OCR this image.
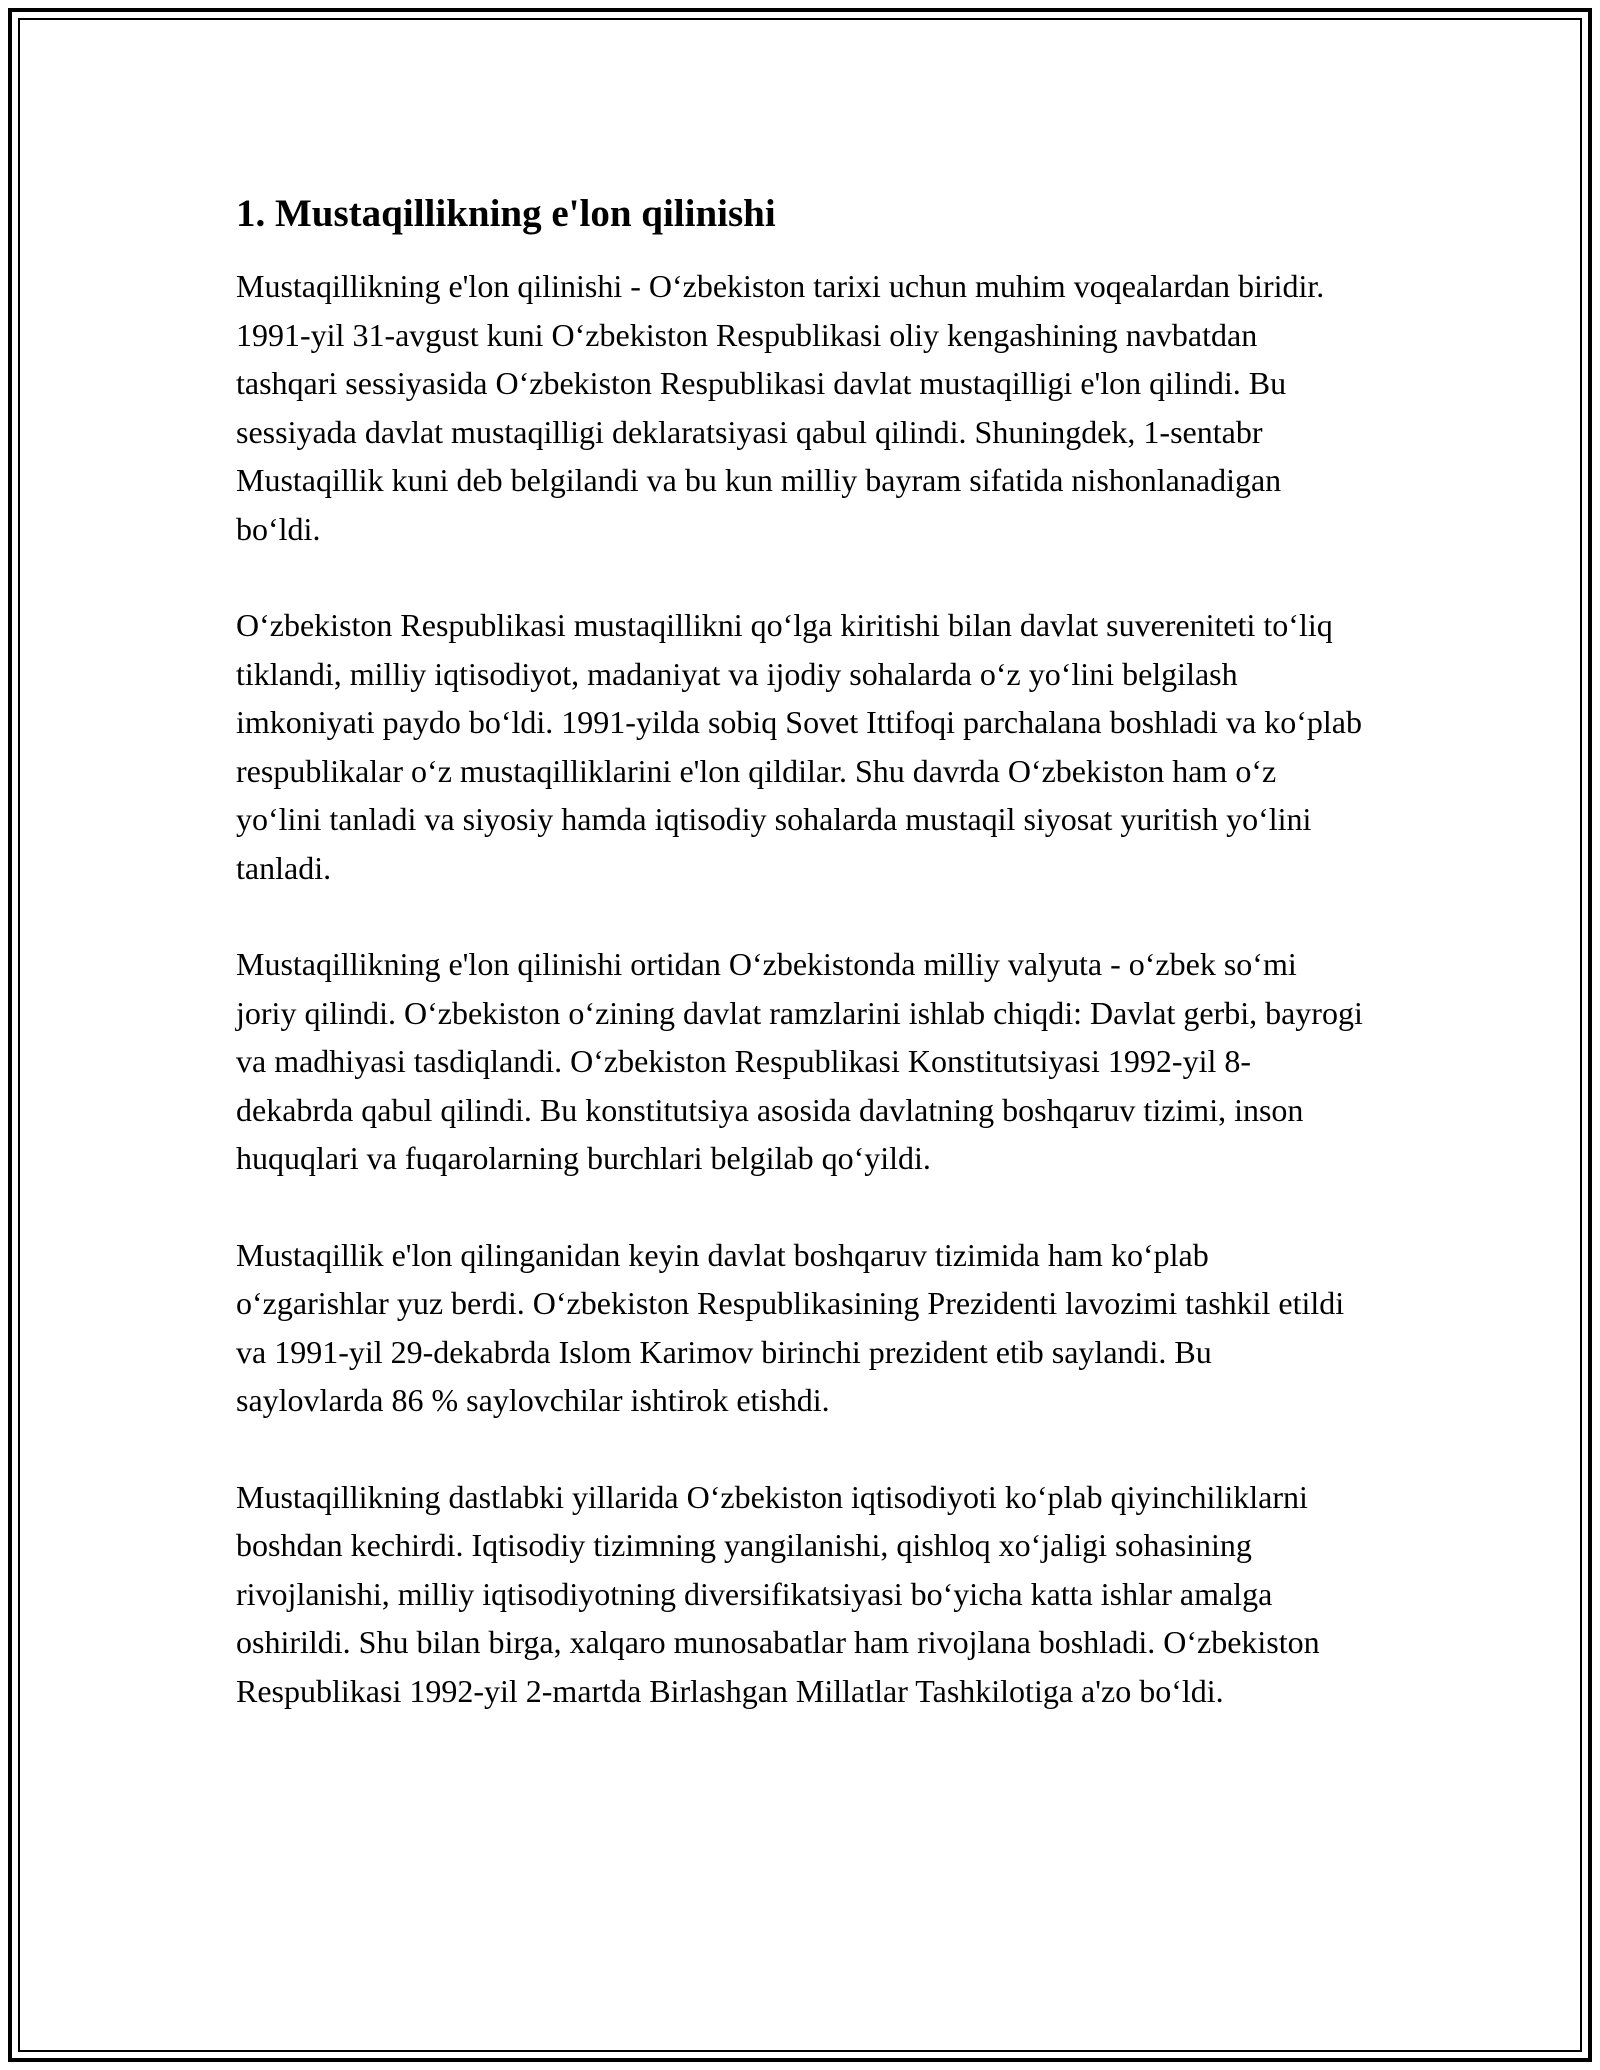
1. Mustaqillikning e'lon qilinishi

Mustaqillikning e'lon qilinishi - O‘zbekiston tarixi uchun muhim voqealardan biridir. 1991-yil 31-avgust kuni O‘zbekiston Respublikasi oliy kengashining navbatdan tashqari sessiyasida O‘zbekiston Respublikasi davlat mustaqilligi e'lon qilindi. Bu sessiyada davlat mustaqilligi deklaratsiyasi qabul qilindi. Shuningdek, 1-sentabr Mustaqillik kuni deb belgilandi va bu kun milliy bayram sifatida nishonlanadigan bo‘ldi.

O‘zbekiston Respublikasi mustaqillikni qo‘lga kiritishi bilan davlat suvereniteti to‘liq tiklandi, milliy iqtisodiyot, madaniyat va ijodiy sohalarda o‘z yo‘lini belgilash imkoniyati paydo bo‘ldi. 1991-yilda sobiq Sovet Ittifoqi parchalana boshladi va ko‘plab respublikalar o‘z mustaqilliklarini e'lon qildilar. Shu davrda O‘zbekiston ham o‘z yo‘lini tanladi va siyosiy hamda iqtisodiy sohalarda mustaqil siyosat yuritish yo‘lini tanladi.

Mustaqillikning e'lon qilinishi ortidan O‘zbekistonda milliy valyuta - o‘zbek so‘mi joriy qilindi. O‘zbekiston o‘zining davlat ramzlarini ishlab chiqdi: Davlat gerbi, bayrogi va madhiyasi tasdiqlandi. O‘zbekiston Respublikasi Konstitutsiyasi 1992-yil 8-dekabrda qabul qilindi. Bu konstitutsiya asosida davlatning boshqaruv tizimi, inson huquqlari va fuqarolarning burchlari belgilab qo‘yildi.

Mustaqillik e'lon qilinganidan keyin davlat boshqaruv tizimida ham ko‘plab o‘zgarishlar yuz berdi. O‘zbekiston Respublikasining Prezidenti lavozimi tashkil etildi va 1991-yil 29-dekabrda Islom Karimov birinchi prezident etib saylandi. Bu saylovlarda 86 % saylovchilar ishtirok etishdi.

Mustaqillikning dastlabki yillarida O‘zbekiston iqtisodiyoti ko‘plab qiyinchiliklarni boshdan kechirdi. Iqtisodiy tizimning yangilanishi, qishloq xo‘jaligi sohasining rivojlanishi, milliy iqtisodiyotning diversifikatsiyasi bo‘yicha katta ishlar amalga oshirildi. Shu bilan birga, xalqaro munosabatlar ham rivojlana boshladi. O‘zbekiston Respublikasi 1992-yil 2-martda Birlashgan Millatlar Tashkilotiga a'zo bo‘ldi.
